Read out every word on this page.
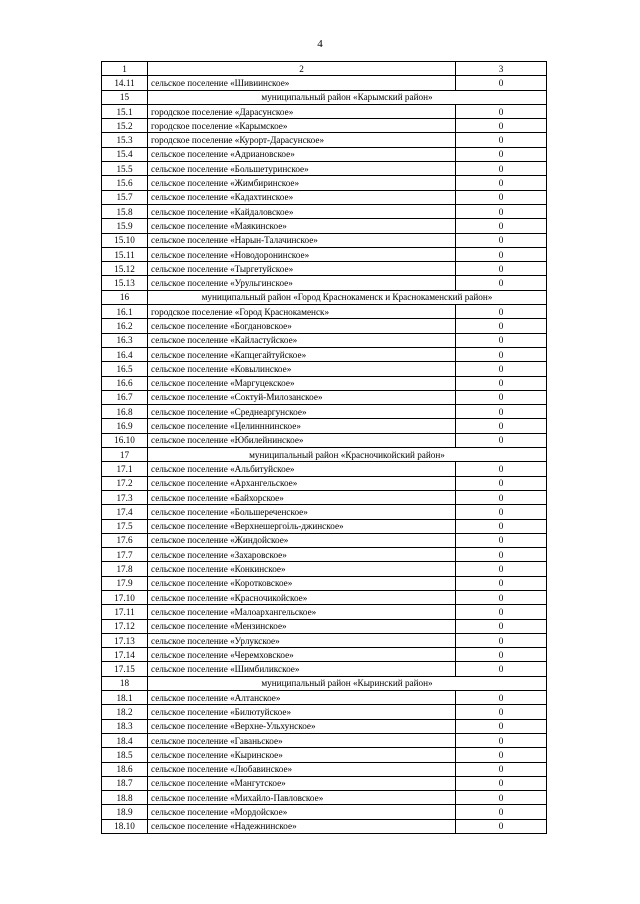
4
1	2	3
14.11	сельское поселение «Шивиинское»	0
15	муниципальный район «Карымский район»	
15.1	городское поселение «Дарасунское»	0
15.2	городское поселение «Карымское»	0
15.3	городское поселение «Курорт-Дарасунское»	0
15.4	сельское поселение «Адриановское»	0
15.5	сельское поселение «Большетуринское»	0
15.6	сельское поселение «Жимбиринское»	0
15.7	сельское поселение «Кадахтинское»	0
15.8	сельское поселение «Кайдаловское»	0
15.9	сельское поселение «Маякинское»	0
15.10	сельское поселение «Нарын-Талачинское»	0
15.11	сельское поселение «Новодоронинское»	0
15.12	сельское поселение «Тыргетуйское»	0
15.13	сельское поселение «Урульгинское»	0
16	муниципальный район «Город Краснокаменск и Краснокаменский район»	
16.1	городское поселение «Город Краснокаменск»	0
16.2	сельское поселение «Богдановское»	0
16.3	сельское поселение «Кайластуйское»	0
16.4	сельское поселение «Капцегайтуйское»	0
16.5	сельское поселение «Ковылинское»	0
16.6	сельское поселение «Маргуцекское»	0
16.7	сельское поселение «Соктуй-Милозанское»	0
16.8	сельское поселение «Среднеаргунское»	0
16.9	сельское поселение «Целинннинское»	0
16.10	сельское поселение «Юбилейнинское»	0
17	муниципальный район «Красночикойский район»	
17.1	сельское поселение «Альбитуйское»	0
17.2	сельское поселение «Архангельское»	0
17.3	сельское поселение «Байхорское»	0
17.4	сельское поселение «Большереченское»	0
17.5	сельское поселение «Верхнешергоіль-джинское»	0
17.6	сельское поселение «Жиндойское»	0
17.7	сельское поселение «Захаровское»	0
17.8	сельское поселение «Конкинское»	0
17.9	сельское поселение «Коротковское»	0
17.10	сельское поселение «Красночикойское»	0
17.11	сельское поселение «Малоархангельское»	0
17.12	сельское поселение «Мензинское»	0
17.13	сельское поселение «Урлукское»	0
17.14	сельское поселение «Черемховское»	0
17.15	сельское поселение «Шимбиликское»	0
18	муниципальный район «Кыринский район»	
18.1	сельское поселение «Алтанское»	0
18.2	сельское поселение «Билютуйское»	0
18.3	сельское поселение «Верхне-Ульхунское»	0
18.4	сельское поселение «Гаваньское»	0
18.5	сельское поселение «Кыринское»	0
18.6	сельское поселение «Любавинское»	0
18.7	сельское поселение «Мангутское»	0
18.8	сельское поселение «Михайло-Павловское»	0
18.9	сельское поселение «Мордойское»	0
18.10	сельское поселение «Надежнинское»	0
